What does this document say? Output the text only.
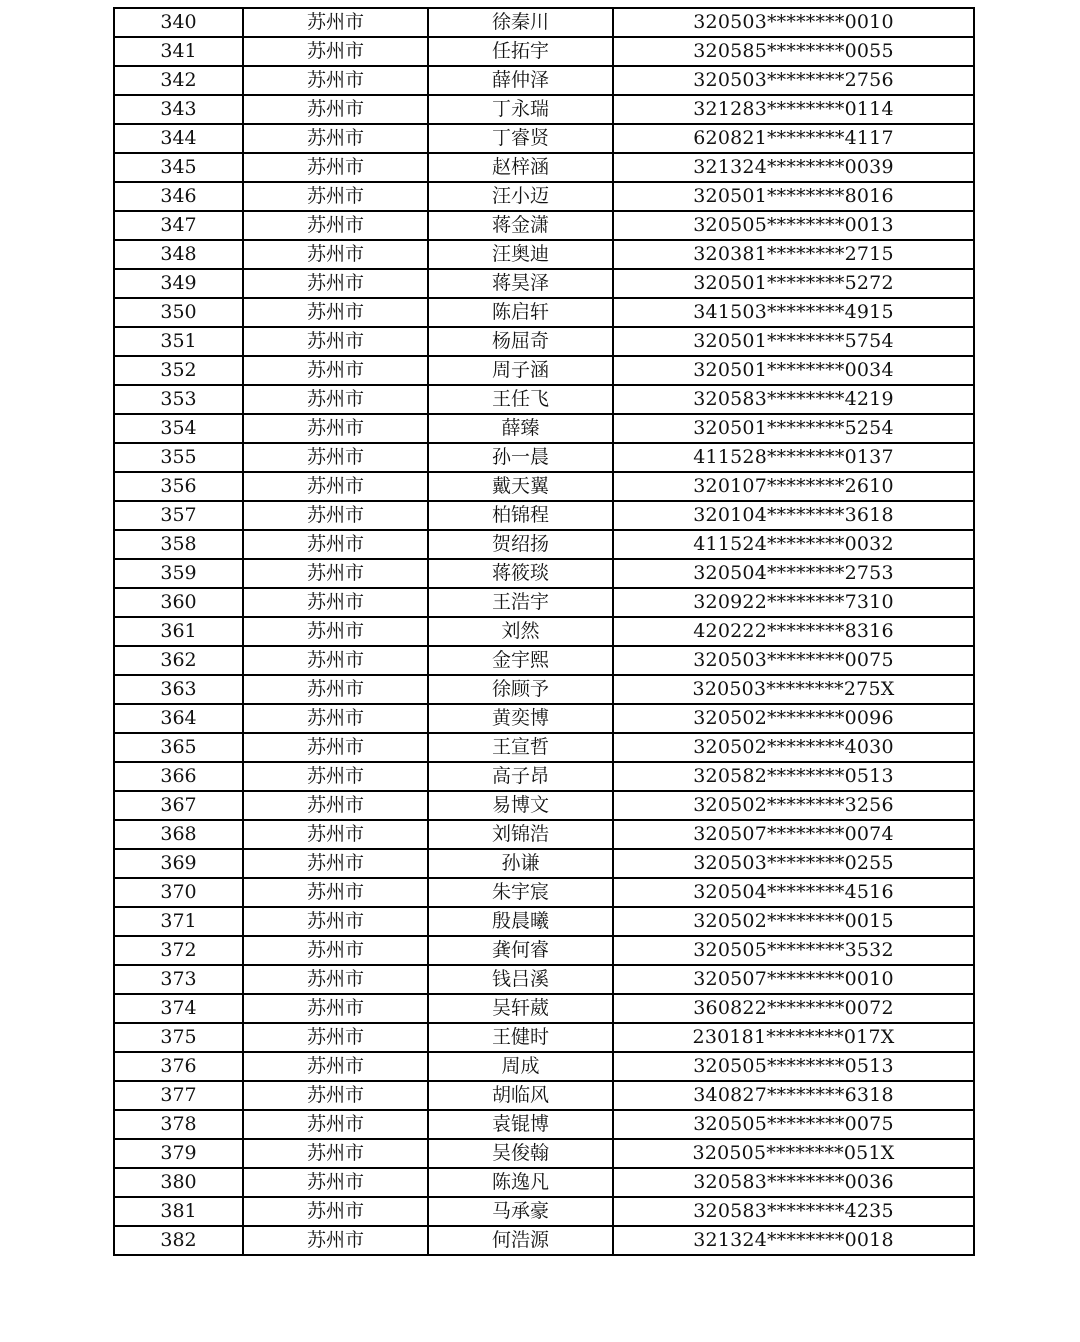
340	苏州市	徐秦川	320503********0010
341	苏州市	任拓宇	320585********0055
342	苏州市	薛仲泽	320503********2756
343	苏州市	丁永瑞	321283********0114
344	苏州市	丁睿贤	620821********4117
345	苏州市	赵梓涵	321324********0039
346	苏州市	汪小迈	320501********8016
347	苏州市	蒋金潇	320505********0013
348	苏州市	汪奥迪	320381********2715
349	苏州市	蒋昊泽	320501********5272
350	苏州市	陈启轩	341503********4915
351	苏州市	杨屈奇	320501********5754
352	苏州市	周子涵	320501********0034
353	苏州市	王任飞	320583********4219
354	苏州市	薛臻	320501********5254
355	苏州市	孙一晨	411528********0137
356	苏州市	戴天翼	320107********2610
357	苏州市	柏锦程	320104********3618
358	苏州市	贺绍扬	411524********0032
359	苏州市	蒋筱琰	320504********2753
360	苏州市	王浩宇	320922********7310
361	苏州市	刘然	420222********8316
362	苏州市	金宇熙	320503********0075
363	苏州市	徐顾予	320503********275X
364	苏州市	黄奕博	320502********0096
365	苏州市	王宣哲	320502********4030
366	苏州市	高子昂	320582********0513
367	苏州市	易博文	320502********3256
368	苏州市	刘锦浩	320507********0074
369	苏州市	孙谦	320503********0255
370	苏州市	朱宇宸	320504********4516
371	苏州市	殷晨曦	320502********0015
372	苏州市	龚何睿	320505********3532
373	苏州市	钱吕溪	320507********0010
374	苏州市	吴轩葳	360822********0072
375	苏州市	王健时	230181********017X
376	苏州市	周成	320505********0513
377	苏州市	胡临风	340827********6318
378	苏州市	袁锟博	320505********0075
379	苏州市	吴俊翰	320505********051X
380	苏州市	陈逸凡	320583********0036
381	苏州市	马承豪	320583********4235
382	苏州市	何浩源	321324********0018
